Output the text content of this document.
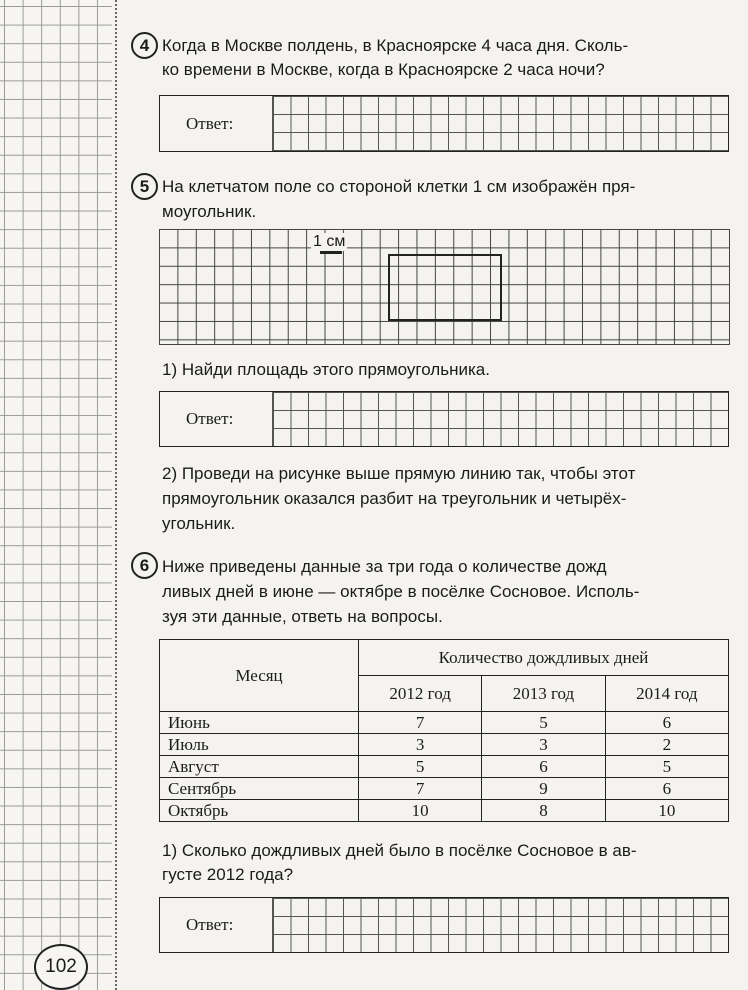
102
4 Когда в Москве полдень, в Красноярске 4 часа дня. Сколь-
ко времени в Москве, когда в Красноярске 2 часа ночи?
Ответ:
5 На клетчатом поле со стороной клетки 1 см изображён пря-
моугольник.
1 см
1) Найди площадь этого прямоугольника.
Ответ:
2) Проведи на рисунке выше прямую линию так, чтобы этот
прямоугольник оказался разбит на треугольник и четырёх-
угольник.
6 Ниже приведены данные за три года о количестве дожд
ливых дней в июне — октябре в посёлке Сосновое. Исполь-
зуя эти данные, ответь на вопросы.
Месяц	Количество дождливых дней		
	2012 год	2013 год	2014 год
Июнь	7	5	6
Июль	3	3	2
Август	5	6	5
Сентябрь	7	9	6
Октябрь	10	8	10
1) Сколько дождливых дней было в посёлке Сосновое в ав-
густе 2012 года?
Ответ:
